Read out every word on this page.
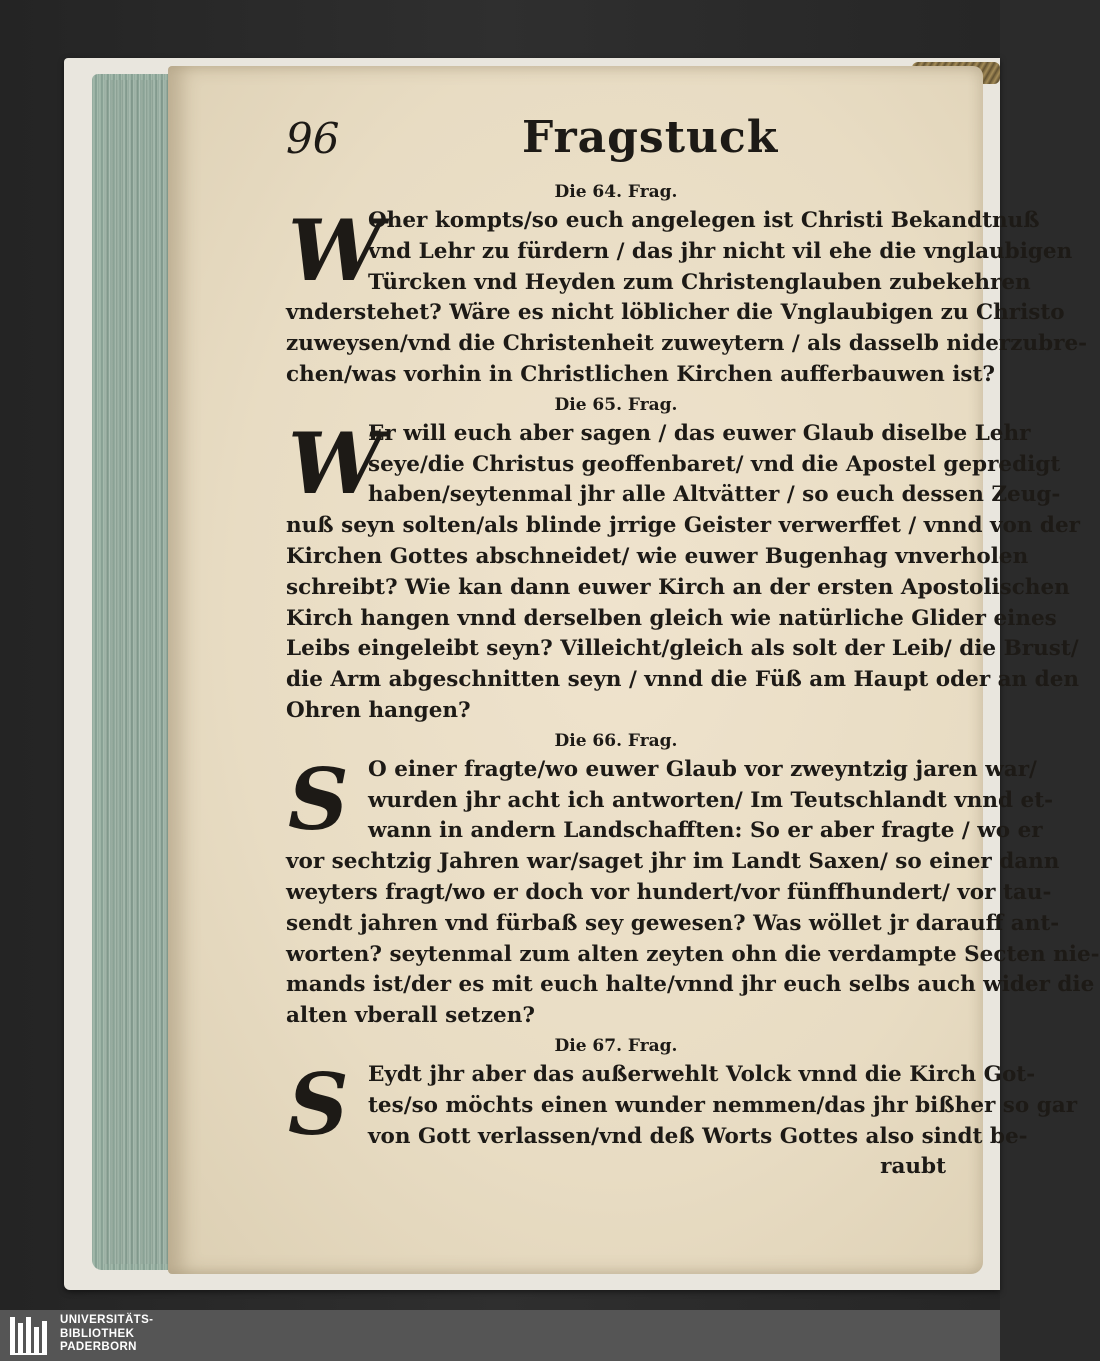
96	Fragstuck

Die 64. Frag.

W
Oher kompts/so euch angelegen ist Christi Bekandtnuß
vnd Lehr zu fürdern / das jhr nicht vil ehe die vnglaubigen
Türcken vnd Heyden zum Christenglauben zubekehren
vnderstehet? Wäre es nicht löblicher die Vnglaubigen zu Christo
zuweysen/vnd die Christenheit zuweytern / als dasselb niderzubre-
chen/was vorhin in Christlichen Kirchen aufferbauwen ist?

Die 65. Frag.

W
Er will euch aber sagen / das euwer Glaub diselbe Lehr
seye/die Christus geoffenbaret/ vnd die Apostel gepredigt
haben/seytenmal jhr alle Altvätter / so euch dessen Zeug-
nuß seyn solten/als blinde jrrige Geister verwerffet / vnnd von der
Kirchen Gottes abschneidet/ wie euwer Bugenhag vnverholen
schreibt? Wie kan dann euwer Kirch an der ersten Apostolischen
Kirch hangen vnnd derselben gleich wie natürliche Glider eines
Leibs eingeleibt seyn? Villeicht/gleich als solt der Leib/ die Brust/
die Arm abgeschnitten seyn / vnnd die Füß am Haupt oder an den
Ohren hangen?

Die 66. Frag.

S O einer fragte/wo euwer Glaub vor zweyntzig jaren war/
wurden jhr acht ich antworten/ Im Teutschlandt vnnd et-
wann in andern Landschafften: So er aber fragte / wo er
vor sechtzig Jahren war/saget jhr im Landt Saxen/ so einer dann
weyters fragt/wo er doch vor hundert/vor fünffhundert/ vor tau-
sendt jahren vnd fürbaß sey gewesen? Was wöllet jr darauff ant-
worten? seytenmal zum alten zeyten ohn die verdampte Secten nie-
mands ist/der es mit euch halte/vnnd jhr euch selbs auch wider die
alten vberall setzen?

Die 67. Frag.

S Eydt jhr aber das außerwehlt Volck vnnd die Kirch Got-
tes/so möchts einen wunder nemmen/das jhr bißher so gar
von Gott verlassen/vnd deß Worts Gottes also sindt be-
raubt
UNIVERSITÄTS-
BIBLIOTHEK
PADERBORN
